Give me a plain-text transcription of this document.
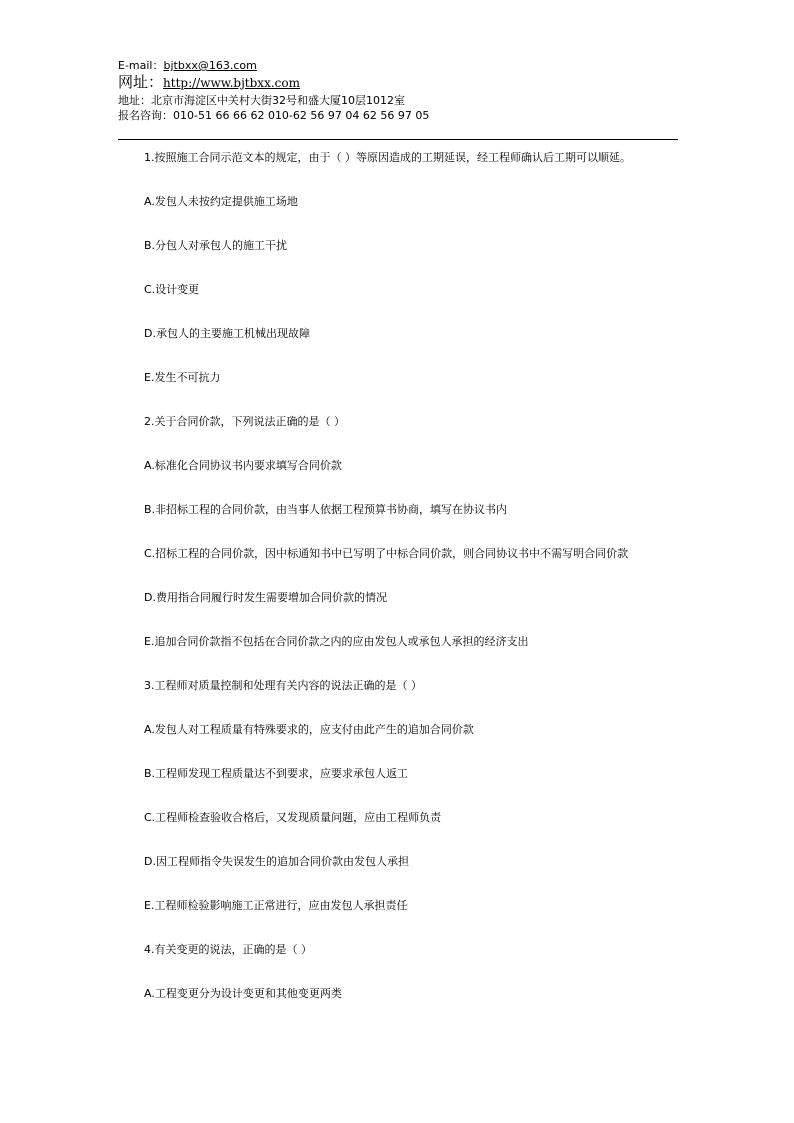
E-mail：bjtbxx@163.com
网址：http://www.bjtbxx.com
地址：北京市海淀区中关村大街32号和盛大厦10层1012室
报名咨询：010-51 66 66 62 010-62 56 97 04 62 56 97 05
1.按照施工合同示范文本的规定，由于（ ）等原因造成的工期延误，经工程师确认后工期可以顺延。
A.发包人未按约定提供施工场地
B.分包人对承包人的施工干扰
C.设计变更
D.承包人的主要施工机械出现故障
E.发生不可抗力
2.关于合同价款，下列说法正确的是（ ）
A.标准化合同协议书内要求填写合同价款
B.非招标工程的合同价款，由当事人依据工程预算书协商，填写在协议书内
C.招标工程的合同价款，因中标通知书中已写明了中标合同价款，则合同协议书中不需写明合同价款
D.费用指合同履行时发生需要增加合同价款的情况
E.追加合同价款指不包括在合同价款之内的应由发包人或承包人承担的经济支出
3.工程师对质量控制和处理有关内容的说法正确的是（ ）
A.发包人对工程质量有特殊要求的，应支付由此产生的追加合同价款
B.工程师发现工程质量达不到要求，应要求承包人返工
C.工程师检查验收合格后，又发现质量问题，应由工程师负责
D.因工程师指令失误发生的追加合同价款由发包人承担
E.工程师检验影响施工正常进行，应由发包人承担责任
4.有关变更的说法，正确的是（ ）
A.工程变更分为设计变更和其他变更两类
